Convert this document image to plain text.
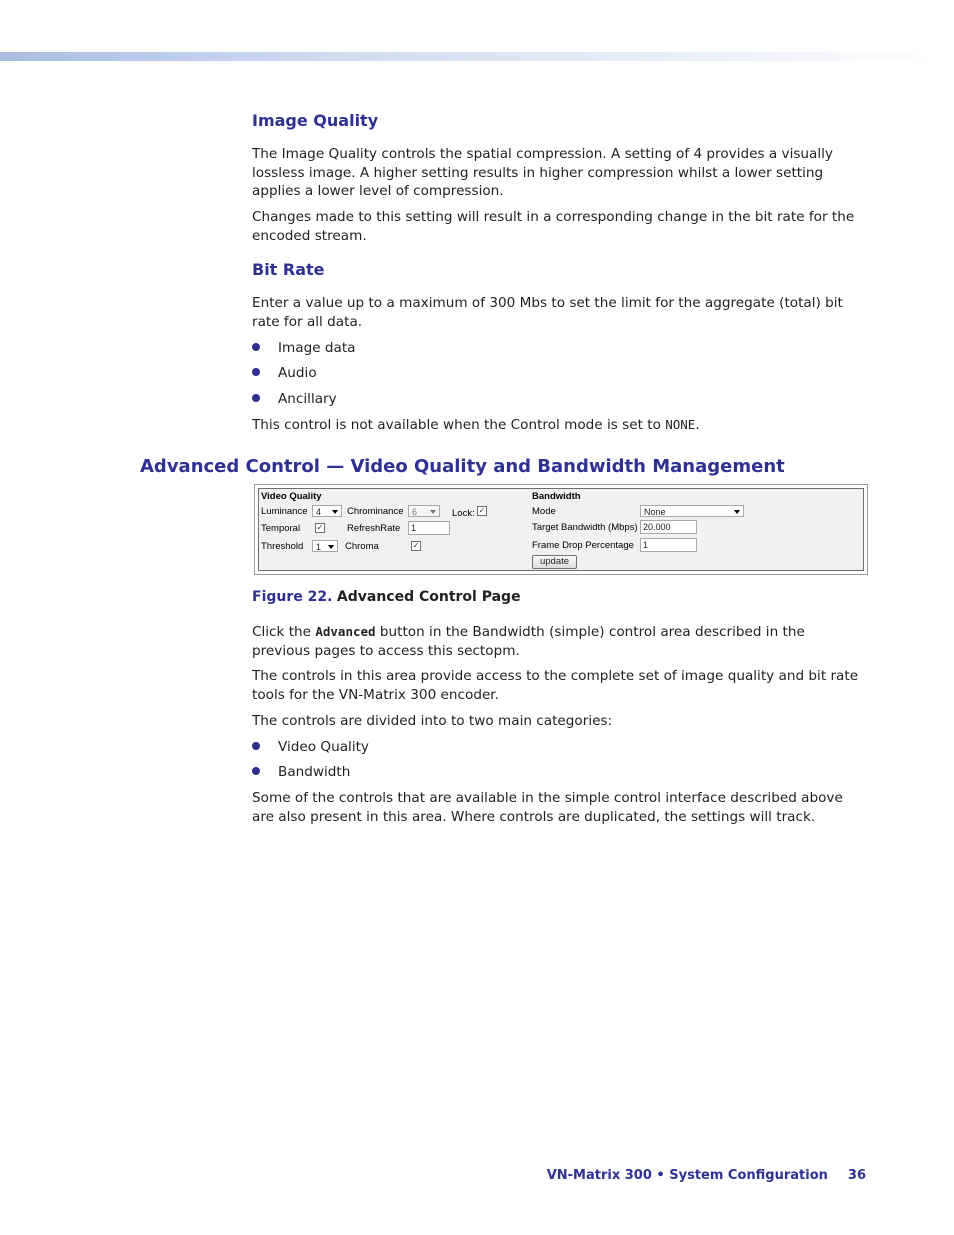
Image Quality

The Image Quality controls the spatial compression. A setting of 4 provides a visually lossless image. A higher setting results in higher compression whilst a lower setting applies a lower level of compression.

Changes made to this setting will result in a corresponding change in the bit rate for the encoded stream.

Bit Rate

Enter a value up to a maximum of 300 Mbs to set the limit for the aggregate (total) bit rate for all data.

Image data
Audio
Ancillary

This control is not available when the Control mode is set to NONE.

Advanced Control — Video Quality and Bandwidth Management
Video Quality
Luminance 4	Chrominance 6	Lock: ✓
Temporal ✓ RefreshRate	1
Threshold	1	Chroma	✓
Bandwidth
Mode	None
Target Bandwidth (Mbps) 20.000
Frame Drop Percentage	1
update
Figure 22. Advanced Control Page

Click the Advanced button in the Bandwidth (simple) control area described in the previous pages to access this sectopm.

The controls in this area provide access to the complete set of image quality and bit rate tools for the VN-Matrix 300 encoder.

The controls are divided into to two main categories:

Video Quality
Bandwidth

Some of the controls that are available in the simple control interface described above are also present in this area. Where controls are duplicated, the settings will track.

VN-Matrix 300 • System Configuration 36
